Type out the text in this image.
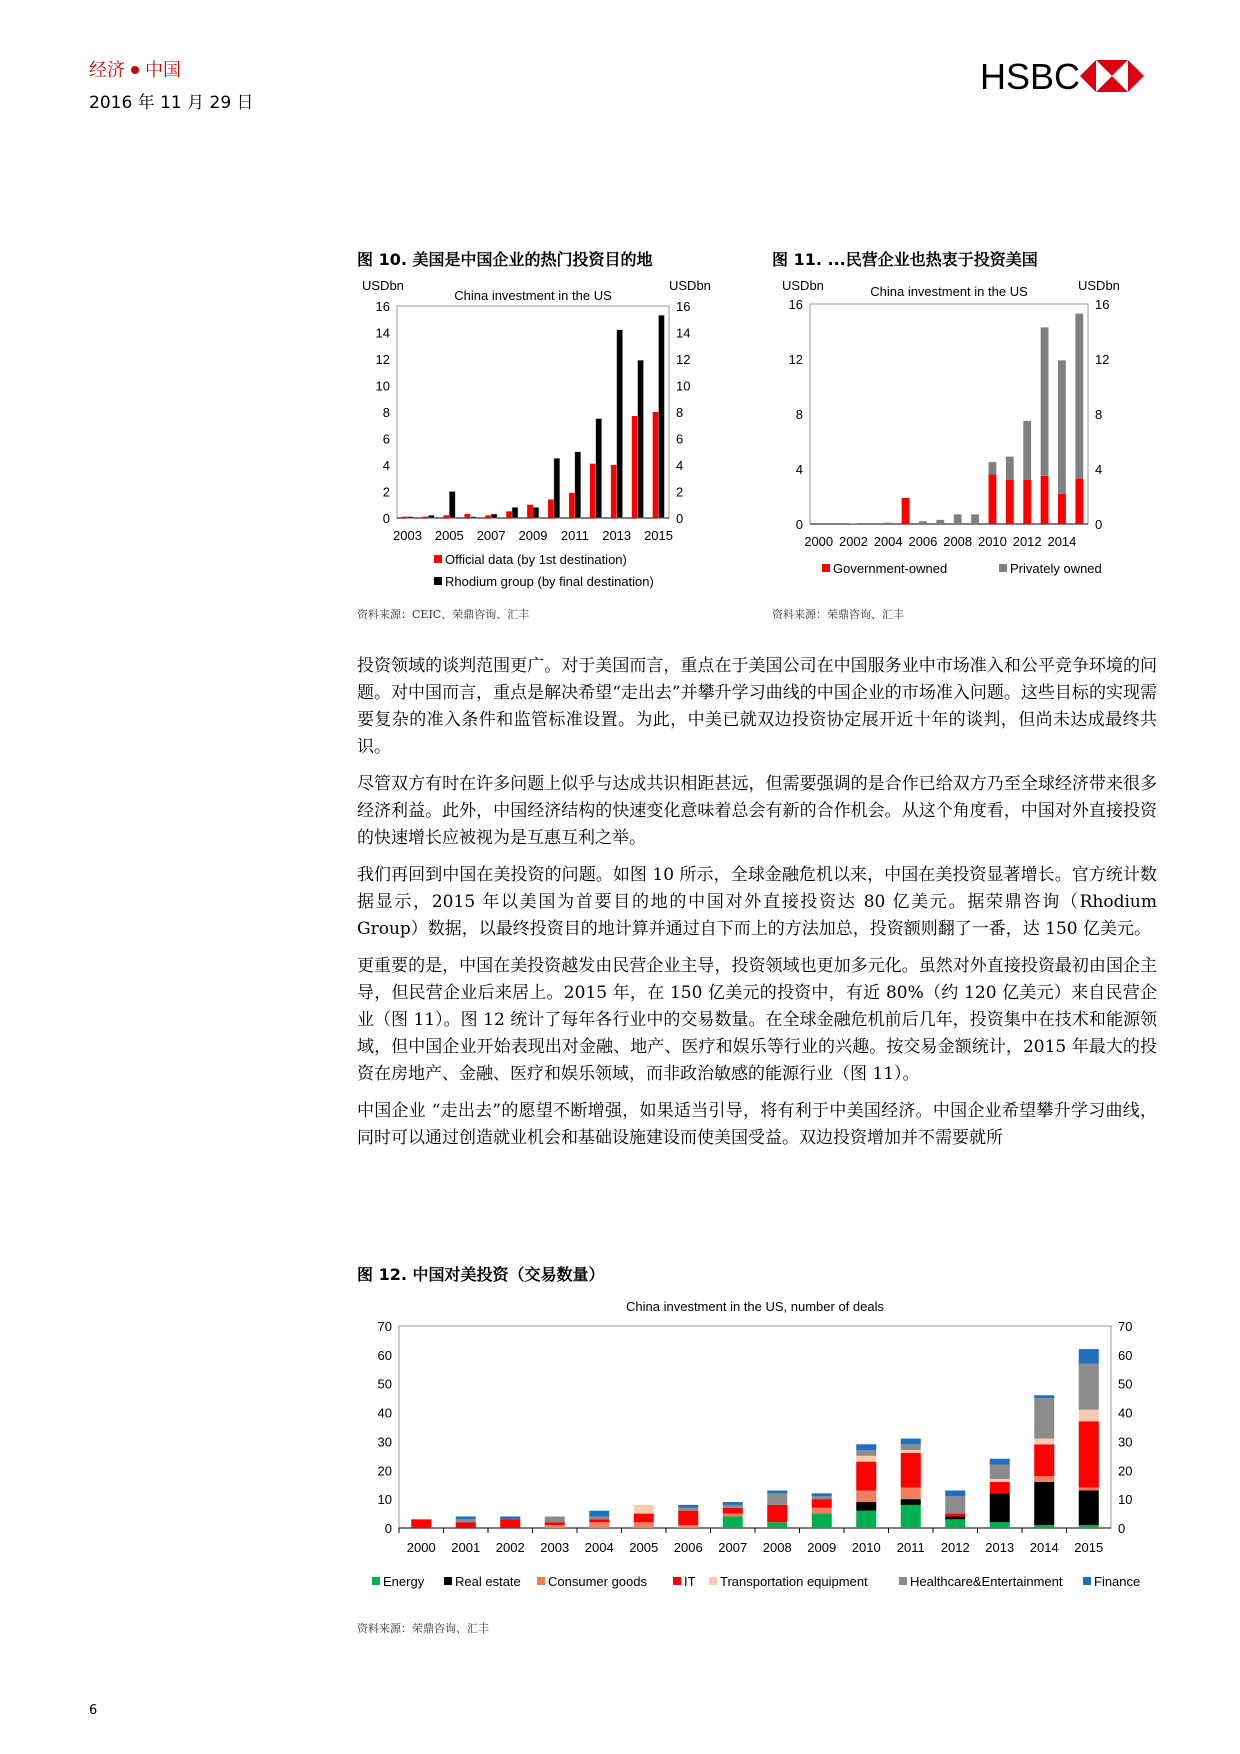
经济 中国
2016 年 11 月 29 日
HSBC
图 10. 美国是中国企业的热门投资目的地
China investment in the US
USDbn	USDbn
0	0
2	2
4	4
6	6
8	8
10	10
12	12
14	14
16	16
2003 2005 2007 2009 2011 2013 2015
Official data (by 1st destination)
Rhodium group (by final destination)
资料来源：CEIC、荣鼎咨询、汇丰
图 11. ...民营企业也热衷于投资美国
China investment in the US
USDbn	USDbn
0	0
4	4
8	8
12	12
16	16
2000 2002 2004 2006 2008 2010 2012 2014
Government-owned	Privately owned
资料来源：荣鼎咨询、汇丰

投资领域的谈判范围更广。对于美国而言，重点在于美国公司在中国服务业中市场准入和公平竞争环境的问题。对中国而言，重点是解决希望“走出去”并攀升学习曲线的中国企业的市场准入问题。这些目标的实现需要复杂的准入条件和监管标准设置。为此，中美已就双边投资协定展开近十年的谈判，但尚未达成最终共识。

尽管双方有时在许多问题上似乎与达成共识相距甚远，但需要强调的是合作已给双方乃至全球经济带来很多经济利益。此外，中国经济结构的快速变化意味着总会有新的合作机会。从这个角度看，中国对外直接投资的快速增长应被视为是互惠互利之举。

我们再回到中国在美投资的问题。如图 10 所示，全球金融危机以来，中国在美投资显著增长。官方统计数据显示，2015 年以美国为首要目的地的中国对外直接投资达 80 亿美元。据荣鼎咨询（Rhodium Group）数据，以最终投资目的地计算并通过自下而上的方法加总，投资额则翻了一番，达 150 亿美元。

更重要的是，中国在美投资越发由民营企业主导，投资领域也更加多元化。虽然对外直接投资最初由国企主导，但民营企业后来居上。2015 年，在 150 亿美元的投资中，有近 80%（约 120 亿美元）来自民营企业（图 11）。图 12 统计了每年各行业中的交易数量。在全球金融危机前后几年，投资集中在技术和能源领域，但中国企业开始表现出对金融、地产、医疗和娱乐等行业的兴趣。按交易金额统计，2015 年最大的投资在房地产、金融、医疗和娱乐领域，而非政治敏感的能源行业（图 11）。

中国企业 “走出去”的愿望不断增强，如果适当引导，将有利于中美国经济。中国企业希望攀升学习曲线，同时可以通过创造就业机会和基础设施建设而使美国受益。双边投资增加并不需要就所

图 12. 中国对美投资（交易数量）
China investment in the US, number of deals
0	0
10	10
20	20
30	30
40	40
50	50
60	60
70	70
2000 2001 2002 2003 2004 2005 2006 2007 2008 2009 2010 2011 2012 2013 2014 2015
Energy Real estate Consumer goods	IT Transportation equipment	Healthcare&Entertainment Finance
资料来源：荣鼎咨询、汇丰
6
